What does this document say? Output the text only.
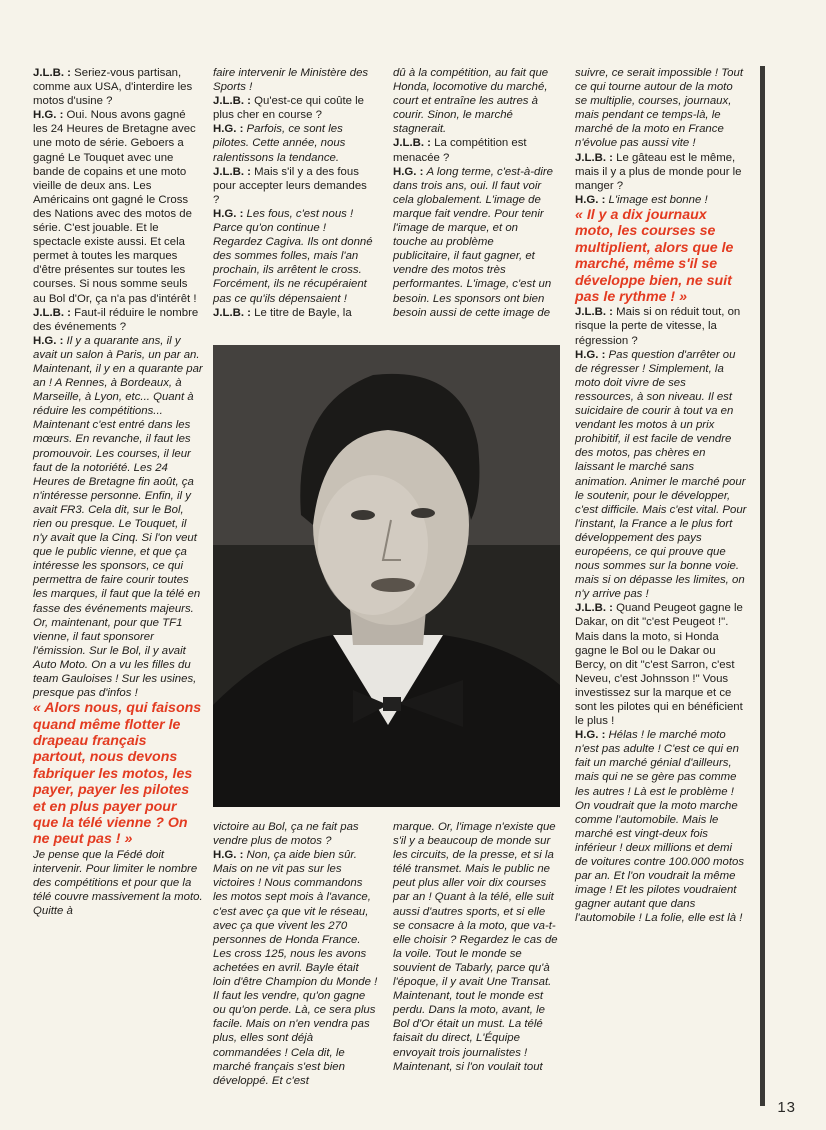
J.L.B. : Seriez-vous partisan, comme aux USA, d'interdire les motos d'usine ?

H.G. : Oui. Nous avons gagné les 24 Heures de Bretagne avec une moto de série. Geboers a gagné Le Touquet avec une bande de copains et une moto vieille de deux ans. Les Américains ont gagné le Cross des Nations avec des motos de série. C'est jouable. Et le spectacle existe aussi. Et cela permet à toutes les marques d'être présentes sur toutes les courses. Si nous somme seuls au Bol d'Or, ça n'a pas d'intérêt !

J.L.B. : Faut-il réduire le nombre des événements ?

H.G. : Il y a quarante ans, il y avait un salon à Paris, un par an. Maintenant, il y en a quarante par an ! A Rennes, à Bordeaux, à Marseille, à Lyon, etc... Quant à réduire les compétitions... Maintenant c'est entré dans les mœurs. En revanche, il faut les promouvoir. Les courses, il leur faut de la notoriété. Les 24 Heures de Bretagne fin août, ça n'intéresse personne. Enfin, il y avait FR3. Cela dit, sur le Bol, rien ou presque. Le Touquet, il n'y avait que la Cinq. Si l'on veut que le public vienne, et que ça intéresse les sponsors, ce qui permettra de faire courir toutes les marques, il faut que la télé en fasse des événements majeurs. Or, maintenant, pour que TF1 vienne, il faut sponsorer l'émission. Sur le Bol, il y avait Auto Moto. On a vu les filles du team Gauloises ! Sur les usines, presque pas d'infos !

« Alors nous, qui faisons quand même flotter le drapeau français partout, nous devons fabriquer les motos, les payer, payer les pilotes et en plus payer pour que la télé vienne ? On ne peut pas ! »

Je pense que la Fédé doit intervenir. Pour limiter le nombre des compétitions et pour que la télé couvre massivement la moto. Quitte à

faire intervenir le Ministère des Sports !

J.L.B. : Qu'est-ce qui coûte le plus cher en course ?

H.G. : Parfois, ce sont les pilotes. Cette année, nous ralentissons la tendance.

J.L.B. : Mais s'il y a des fous pour accepter leurs demandes ?

H.G. : Les fous, c'est nous ! Parce qu'on continue ! Regardez Cagiva. Ils ont donné des sommes folles, mais l'an prochain, ils arrêtent le cross. Forcément, ils ne récupéraient pas ce qu'ils dépensaient !

J.L.B. : Le titre de Bayle, la

dû à la compétition, au fait que Honda, locomotive du marché, court et entraîne les autres à courir. Sinon, le marché stagnerait.

J.L.B. : La compétition est menacée ?

H.G. : A long terme, c'est-à-dire dans trois ans, oui. Il faut voir cela globalement. L'image de marque fait vendre. Pour tenir l'image de marque, et on touche au problème publicitaire, il faut gagner, et vendre des motos très performantes. L'image, c'est un besoin. Les sponsors ont bien besoin aussi de cette image de

victoire au Bol, ça ne fait pas vendre plus de motos ?

H.G. : Non, ça aide bien sûr. Mais on ne vit pas sur les victoires ! Nous commandons les motos sept mois à l'avance, c'est avec ça que vit le réseau, avec ça que vivent les 270 personnes de Honda France. Les cross 125, nous les avons achetées en avril. Bayle était loin d'être Champion du Monde ! Il faut les vendre, qu'on gagne ou qu'on perde. Là, ce sera plus facile. Mais on n'en vendra pas plus, elles sont déjà commandées ! Cela dit, le marché français s'est bien développé. Et c'est

marque. Or, l'image n'existe que s'il y a beaucoup de monde sur les circuits, de la presse, et si la télé transmet. Mais le public ne peut plus aller voir dix courses par an ! Quant à la télé, elle suit aussi d'autres sports, et si elle se consacre à la moto, que va-t-elle choisir ? Regardez le cas de la voile. Tout le monde se souvient de Tabarly, parce qu'à l'époque, il y avait Une Transat. Maintenant, tout le monde est perdu. Dans la moto, avant, le Bol d'Or était un must. La télé faisait du direct, L'Équipe envoyait trois journalistes ! Maintenant, si l'on voulait tout

suivre, ce serait impossible ! Tout ce qui tourne autour de la moto se multiplie, courses, journaux, mais pendant ce temps-là, le marché de la moto en France n'évolue pas aussi vite !

J.L.B. : Le gâteau est le même, mais il y a plus de monde pour le manger ?

H.G. : L'image est bonne !

« Il y a dix journaux moto, les courses se multiplient, alors que le marché, même s'il se développe bien, ne suit pas le rythme ! »

J.L.B. : Mais si on réduit tout, on risque la perte de vitesse, la régression ?

H.G. : Pas question d'arrêter ou de régresser ! Simplement, la moto doit vivre de ses ressources, à son niveau. Il est suicidaire de courir à tout va en vendant les motos à un prix prohibitif, il est facile de vendre des motos, pas chères en laissant le marché sans animation. Animer le marché pour le soutenir, pour le développer, c'est difficile. Mais c'est vital. Pour l'instant, la France a le plus fort développement des pays européens, ce qui prouve que nous sommes sur la bonne voie. mais si on dépasse les limites, on n'y arrive pas !

J.L.B. : Quand Peugeot gagne le Dakar, on dit "c'est Peugeot !". Mais dans la moto, si Honda gagne le Bol ou le Dakar ou Bercy, on dit "c'est Sarron, c'est Neveu, c'est Johnsson !" Vous investissez sur la marque et ce sont les pilotes qui en bénéficient le plus !

H.G. : Hélas ! le marché moto n'est pas adulte ! C'est ce qui en fait un marché génial d'ailleurs, mais qui ne se gère pas comme les autres ! Là est le problème ! On voudrait que la moto marche comme l'automobile. Mais le marché est vingt-deux fois inférieur ! deux millions et demi de voitures contre 100.000 motos par an. Et l'on voudrait la même image ! Et les pilotes voudraient gagner autant que dans l'automobile ! La folie, elle est là !

13
